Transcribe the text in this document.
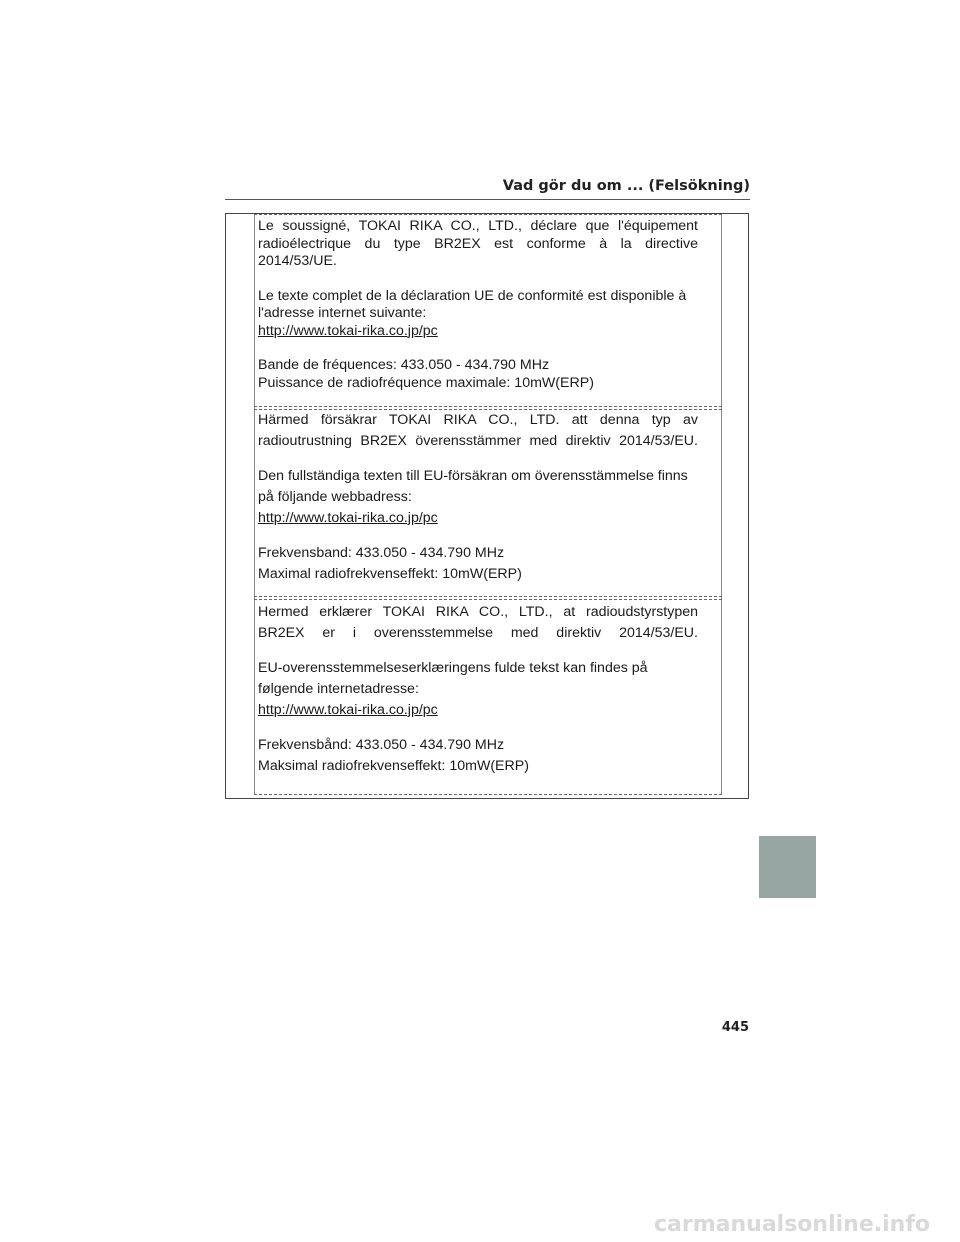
Vad gör du om ... (Felsökning)

Le soussigné, TOKAI RIKA CO., LTD., déclare que l'équipement radioélectrique du type BR2EX est conforme à la directive 2014/53/UE.

Le texte complet de la déclaration UE de conformité est disponible à l'adresse internet suivante:
http://www.tokai-rika.co.jp/pc

Bande de fréquences: 433.050 - 434.790 MHz
Puissance de radiofréquence maximale: 10mW(ERP)

Härmed försäkrar TOKAI RIKA CO., LTD. att denna typ av radioutrustning BR2EX överensstämmer med direktiv 2014/53/EU.

Den fullständiga texten till EU-försäkran om överensstämmelse finns på följande webbadress:
http://www.tokai-rika.co.jp/pc

Frekvensband: 433.050 - 434.790 MHz
Maximal radiofrekvenseffekt: 10mW(ERP)

Hermed erklærer TOKAI RIKA CO., LTD., at radioudstyrstypen BR2EX er i overensstemmelse med direktiv 2014/53/EU.

EU-overensstemmelseserklæringens fulde tekst kan findes på følgende internetadresse:
http://www.tokai-rika.co.jp/pc

Frekvensbånd: 433.050 - 434.790 MHz
Maksimal radiofrekvenseffekt: 10mW(ERP)

445
carmanualsonline.info
